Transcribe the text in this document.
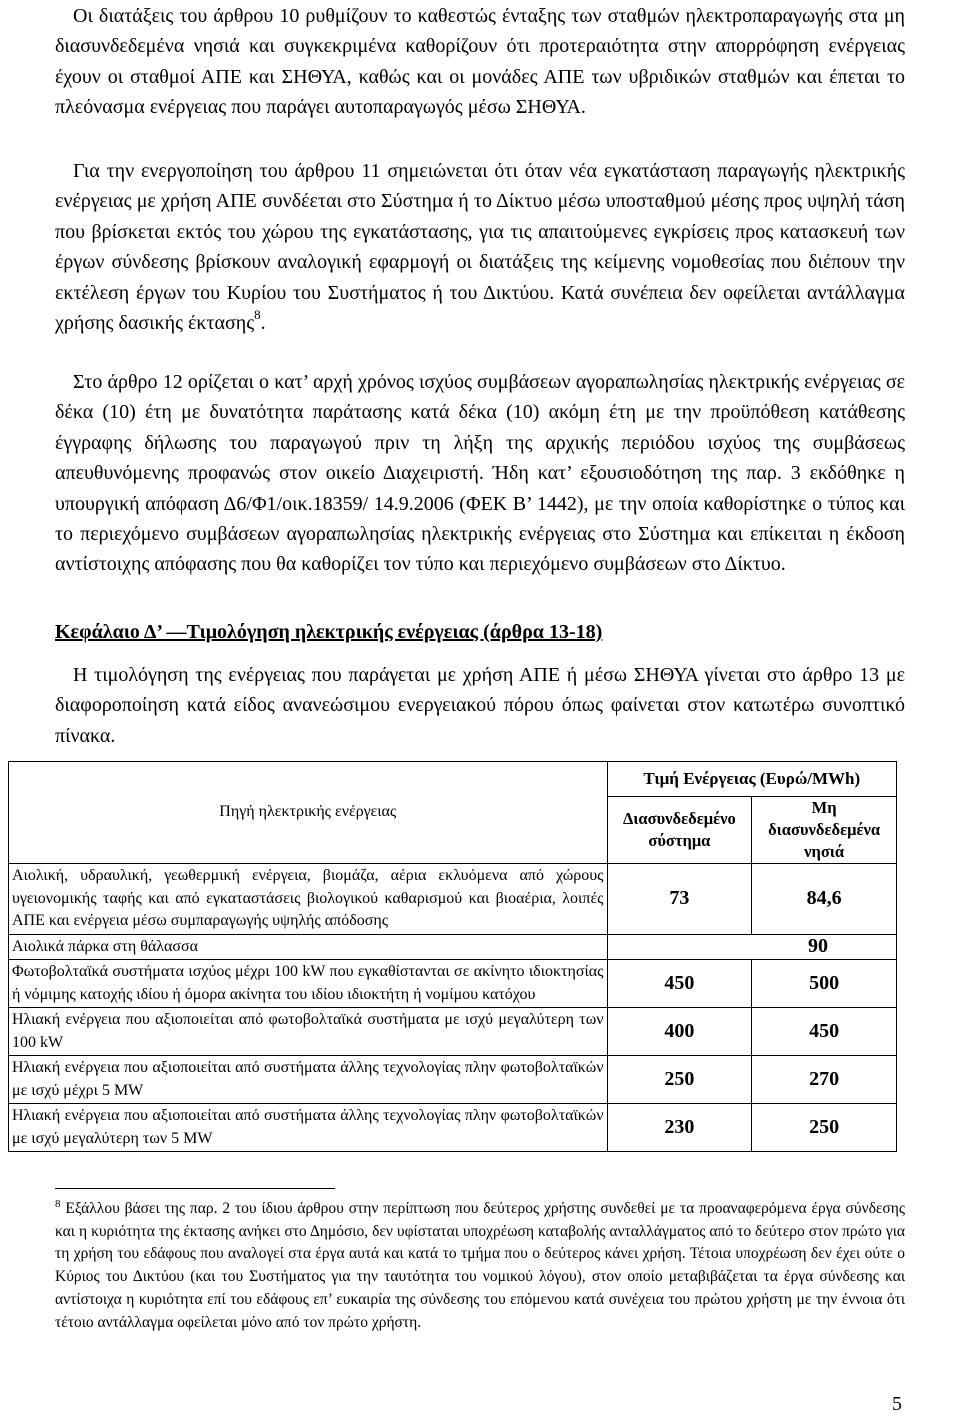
Οι διατάξεις του άρθρου 10 ρυθμίζουν το καθεστώς ένταξης των σταθμών ηλεκτροπαραγωγής στα μη διασυνδεδεμένα νησιά και συγκεκριμένα καθορίζουν ότι προτεραιότητα στην απορρόφηση ενέργειας έχουν οι σταθμοί ΑΠΕ και ΣΗΘΥΑ, καθώς και οι μονάδες ΑΠΕ των υβριδικών σταθμών και έπεται το πλεόνασμα ενέργειας που παράγει αυτοπαραγωγός μέσω ΣΗΘΥΑ.

Για την ενεργοποίηση του άρθρου 11 σημειώνεται ότι όταν νέα εγκατάσταση παραγωγής ηλεκτρικής ενέργειας με χρήση ΑΠΕ συνδέεται στο Σύστημα ή το Δίκτυο μέσω υποσταθμού μέσης προς υψηλή τάση που βρίσκεται εκτός του χώρου της εγκατάστασης, για τις απαιτούμενες εγκρίσεις προς κατασκευή των έργων σύνδεσης βρίσκουν αναλογική εφαρμογή οι διατάξεις της κείμενης νομοθεσίας που διέπουν την εκτέλεση έργων του Κυρίου του Συστήματος ή του Δικτύου. Κατά συνέπεια δεν οφείλεται αντάλλαγμα χρήσης δασικής έκτασης$^8$.

Στο άρθρο 12 ορίζεται ο κατ’ αρχή χρόνος ισχύος συμβάσεων αγοραπωλησίας ηλεκτρικής ενέργειας σε δέκα (10) έτη με δυνατότητα παράτασης κατά δέκα (10) ακόμη έτη με την προϋπόθεση κατάθεσης έγγραφης δήλωσης του παραγωγού πριν τη λήξη της αρχικής περιόδου ισχύος της συμβάσεως απευθυνόμενης προφανώς στον οικείο Διαχειριστή. Ήδη κατ’ εξουσιοδότηση της παρ. 3 εκδόθηκε η υπουργική απόφαση Δ6/Φ1/οικ.18359/ 14.9.2006 (ΦΕΚ Β’ 1442), με την οποία καθορίστηκε ο τύπος και το περιεχόμενο συμβάσεων αγοραπωλησίας ηλεκτρικής ενέργειας στο Σύστημα και επίκειται η έκδοση αντίστοιχης απόφασης που θα καθορίζει τον τύπο και περιεχόμενο συμβάσεων στο Δίκτυο.

Κεφάλαιο Δ’ —Τιμολόγηση ηλεκτρικής ενέργειας (άρθρα 13-18)

Η τιμολόγηση της ενέργειας που παράγεται με χρήση ΑΠΕ ή μέσω ΣΗΘΥΑ γίνεται στο άρθρο 13 με διαφοροποίηση κατά είδος ανανεώσιμου ενεργειακού πόρου όπως φαίνεται στον κατωτέρω συνοπτικό πίνακα.

Πηγή ηλεκτρικής ενέργειας	Τιμή Ενέργειας (Ευρώ/MWh)	
	Διασυνδεδεμένο σύστημα	Μη διασυνδεδεμένα νησιά
Αιολική, υδραυλική, γεωθερμική ενέργεια, βιομάζα, αέρια εκλυόμενα από χώρους υγειονομικής ταφής και από εγκαταστάσεις βιολογικού καθαρισμού και βιοαέρια, λοιπές ΑΠΕ και ενέργεια μέσω συμπαραγωγής υψηλής απόδοσης	73	84,6
Αιολικά πάρκα στη θάλασσα	90	
Φωτοβολταϊκά συστήματα ισχύος μέχρι 100 kW που εγκαθίστανται σε ακίνητο ιδιοκτησίας ή νόμιμης κατοχής ιδίου ή όμορα ακίνητα του ιδίου ιδιοκτήτη ή νομίμου κατόχου	450	500
Ηλιακή ενέργεια που αξιοποιείται από φωτοβολταϊκά συστήματα με ισχύ μεγαλύτερη των 100 kW	400	450
Ηλιακή ενέργεια που αξιοποιείται από συστήματα άλλης τεχνολογίας πλην φωτοβολταϊκών με ισχύ μέχρι 5 MW	250	270
Ηλιακή ενέργεια που αξιοποιείται από συστήματα άλλης τεχνολογίας πλην φωτοβολταϊκών με ισχύ μεγαλύτερη των 5 MW	230	250

$^8$ Εξάλλου βάσει της παρ. 2 του ίδιου άρθρου στην περίπτωση που δεύτερος χρήστης συνδεθεί με τα προαναφερόμενα έργα σύνδεσης και η κυριότητα της έκτασης ανήκει στο Δημόσιο, δεν υφίσταται υποχρέωση καταβολής ανταλλάγματος από το δεύτερο στον πρώτο για τη χρήση του εδάφους που αναλογεί στα έργα αυτά και κατά το τμήμα που ο δεύτερος κάνει χρήση. Τέτοια υποχρέωση δεν έχει ούτε ο Κύριος του Δικτύου (και του Συστήματος για την ταυτότητα του νομικού λόγου), στον οποίο μεταβιβάζεται τα έργα σύνδεσης και αντίστοιχα η κυριότητα επί του εδάφους επ’ ευκαιρία της σύνδεσης του επόμενου κατά συνέχεια του πρώτου χρήστη με την έννοια ότι τέτοιο αντάλλαγμα οφείλεται μόνο από τον πρώτο χρήστη.

5
